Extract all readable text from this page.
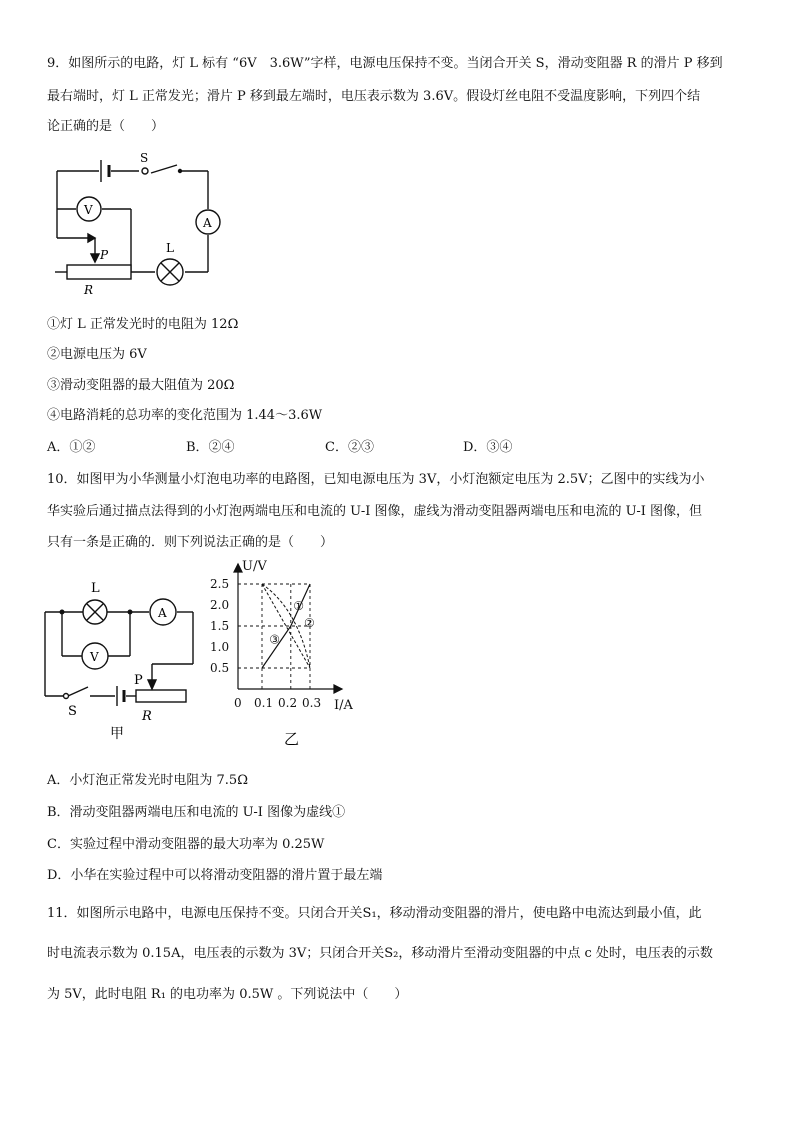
9．如图所示的电路，灯 L 标有 “6V　3.6W”字样，电源电压保持不变。当闭合开关 S，滑动变阻器 R 的滑片 P 移到
最右端时，灯 L 正常发光；滑片 P 移到最左端时，电压表示数为 3.6V。假设灯丝电阻不受温度影响，下列四个结
论正确的是（　　）
S
V
A
L
P
R
①灯 L 正常发光时的电阻为 12Ω
②电源电压为 6V
③滑动变阻器的最大阻值为 20Ω
④电路消耗的总功率的变化范围为 1.44～3.6W
A．①②	B．②④	C．②③	D．③④
10．如图甲为小华测量小灯泡电功率的电路图，已知电源电压为 3V，小灯泡额定电压为 2.5V；乙图中的实线为小
华实验后通过描点法得到的小灯泡两端电压和电流的 U-I 图像，虚线为滑动变阻器两端电压和电流的 U-I 图像，但
只有一条是正确的．则下列说法正确的是（　　）
L
A
V
S
P
R
甲
0.5
1.0
1.5
2.0
2.5
0.1 0.2 0.3
0	I/A
U/V
①
②
③
乙
A．小灯泡正常发光时电阻为 7.5Ω
B．滑动变阻器两端电压和电流的 U-I 图像为虚线①
C．实验过程中滑动变阻器的最大功率为 0.25W
D．小华在实验过程中可以将滑动变阻器的滑片置于最左端
11．如图所示电路中，电源电压保持不变。只闭合开关S₁，移动滑动变阻器的滑片，使电路中电流达到最小值，此
时电流表示数为 0.15A，电压表的示数为 3V；只闭合开关S₂，移动滑片至滑动变阻器的中点 c 处时，电压表的示数
为 5V，此时电阻 R₁ 的电功率为 0.5W 。下列说法中（　　）
